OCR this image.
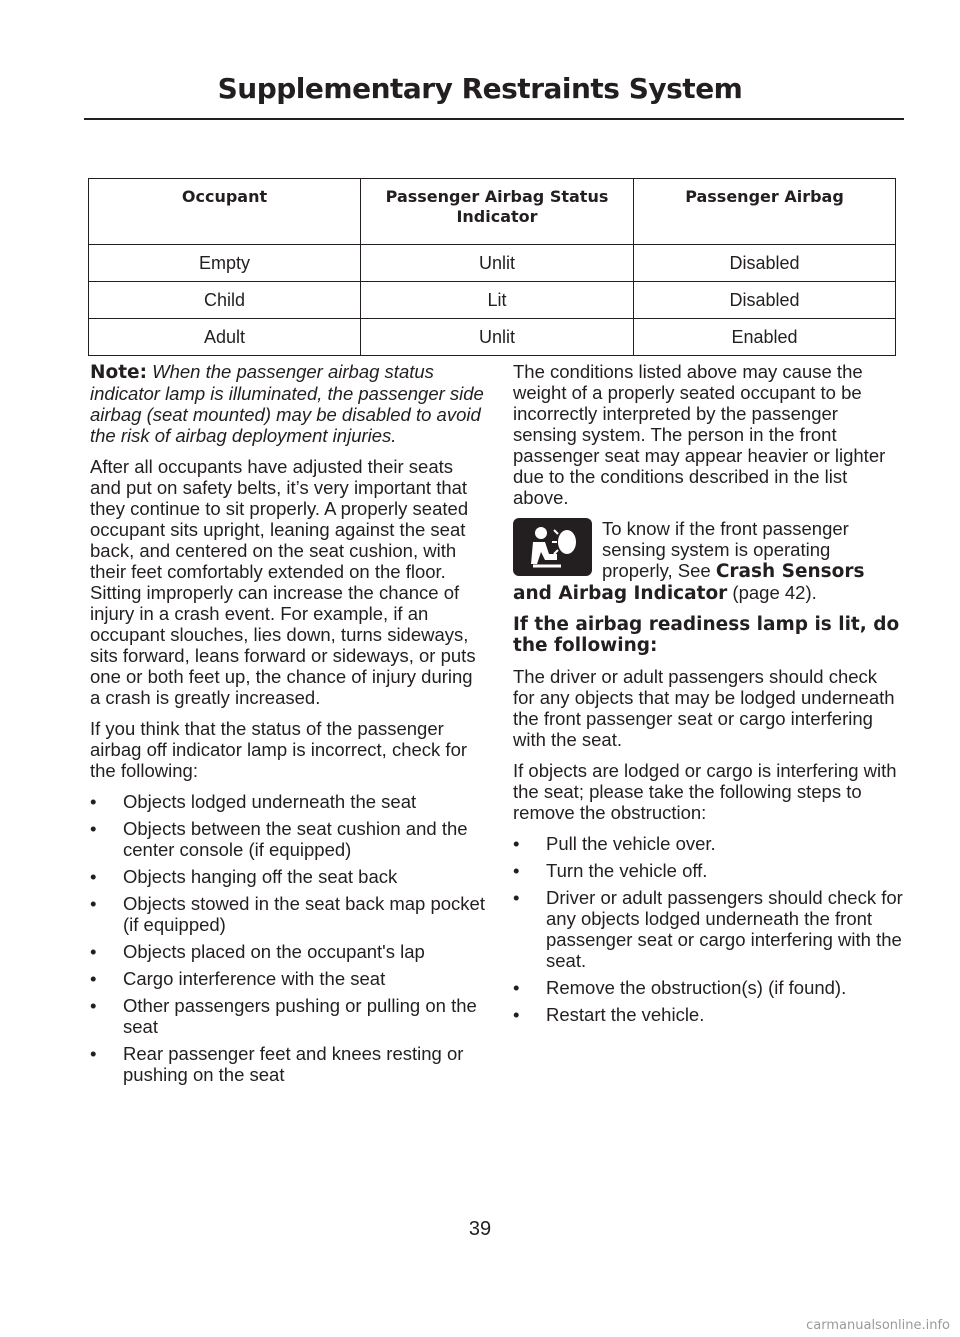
Supplementary Restraints System
Occupant	Passenger Airbag Status Indicator	Passenger Airbag
Empty	Unlit	Disabled
Child	Lit	Disabled
Adult	Unlit	Enabled

Note: When the passenger airbag status indicator lamp is illuminated, the passenger side airbag (seat mounted) may be disabled to avoid the risk of airbag deployment injuries.

After all occupants have adjusted their seats and put on safety belts, it’s very important that they continue to sit properly. A properly seated occupant sits upright, leaning against the seat back, and centered on the seat cushion, with their feet comfortably extended on the floor. Sitting improperly can increase the chance of injury in a crash event. For example, if an occupant slouches, lies down, turns sideways, sits forward, leans forward or sideways, or puts one or both feet up, the chance of injury during a crash is greatly increased.

If you think that the status of the passenger airbag off indicator lamp is incorrect, check for the following:

• Objects lodged underneath the seat
• Objects between the seat cushion and the center console (if equipped)
• Objects hanging off the seat back
• Objects stowed in the seat back map pocket (if equipped)
• Objects placed on the occupant's lap
• Cargo interference with the seat
• Other passengers pushing or pulling on the seat
• Rear passenger feet and knees resting or pushing on the seat

The conditions listed above may cause the weight of a properly seated occupant to be incorrectly interpreted by the passenger sensing system. The person in the front passenger seat may appear heavier or lighter due to the conditions described in the list above.

To know if the front passenger sensing system is operating properly, See Crash Sensors and Airbag Indicator (page 42).

If the airbag readiness lamp is lit, do the following:

The driver or adult passengers should check for any objects that may be lodged underneath the front passenger seat or cargo interfering with the seat.

If objects are lodged or cargo is interfering with the seat; please take the following steps to remove the obstruction:

• Pull the vehicle over.
• Turn the vehicle off.
• Driver or adult passengers should check for any objects lodged underneath the front passenger seat or cargo interfering with the seat.
• Remove the obstruction(s) (if found).
• Restart the vehicle.
39
carmanualsonline.info
